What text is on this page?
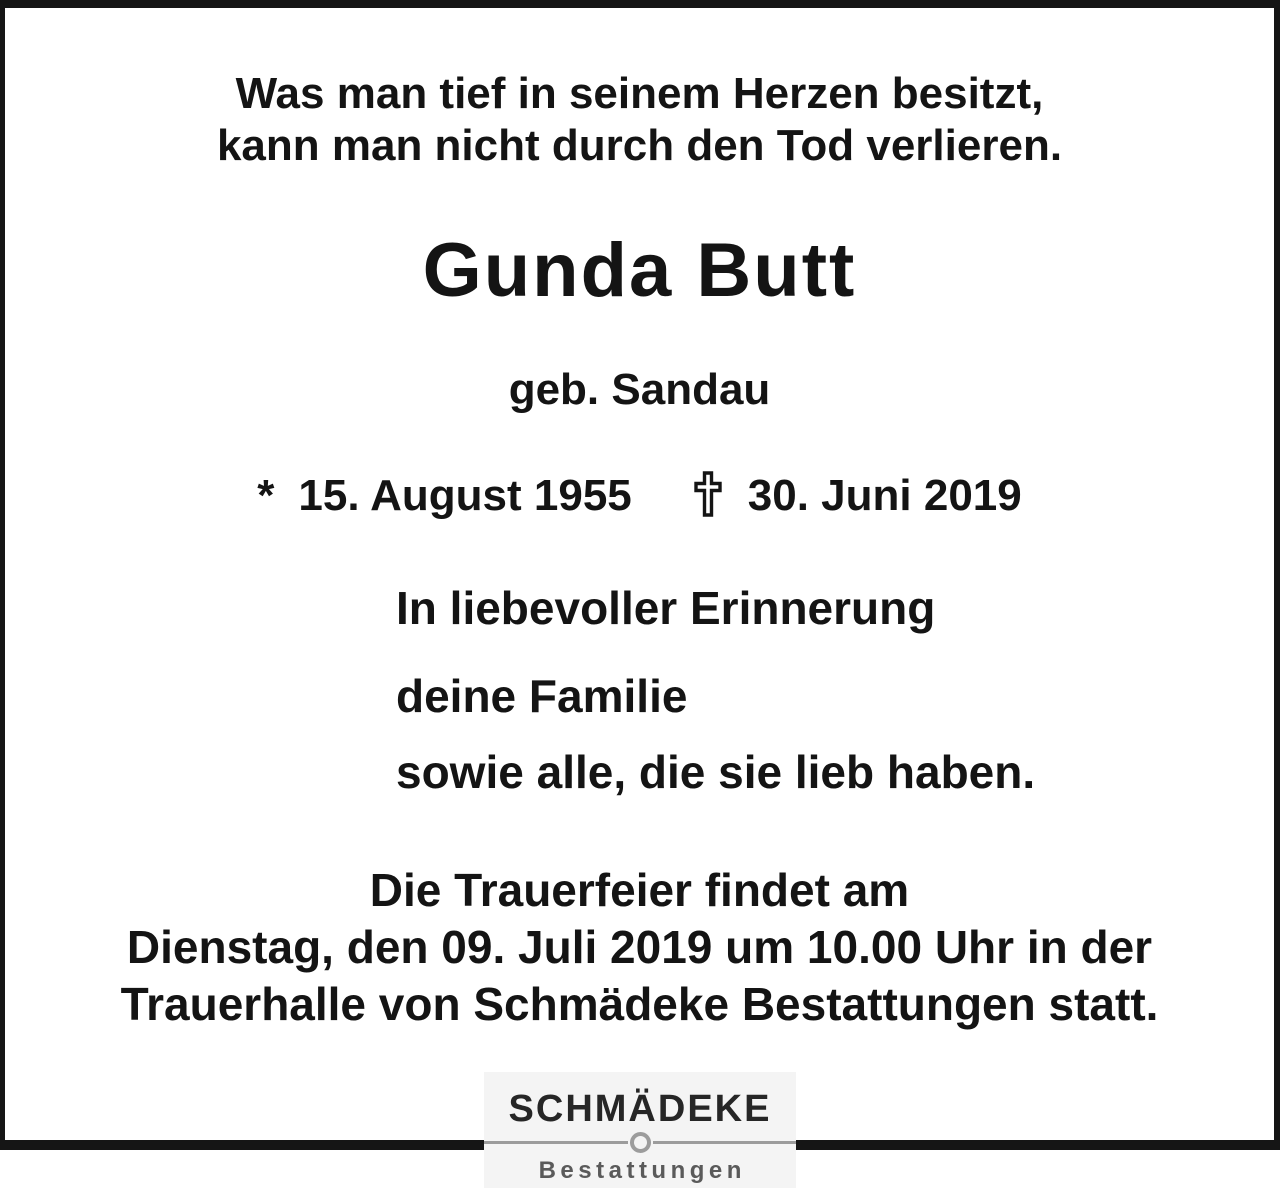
Was man tief in seinem Herzen besitzt,
kann man nicht durch den Tod verlieren.
Gunda Butt
geb. Sandau
* 15. August 1955	30. Juni 2019

In liebevoller Erinnerung

deine Familie

sowie alle, die sie lieb haben.

Die Trauerfeier findet am
Dienstag, den 09. Juli 2019 um 10.00 Uhr in der
Trauerhalle von Schmädeke Bestattungen statt.
SCHMÄDEKE
Bestattungen
